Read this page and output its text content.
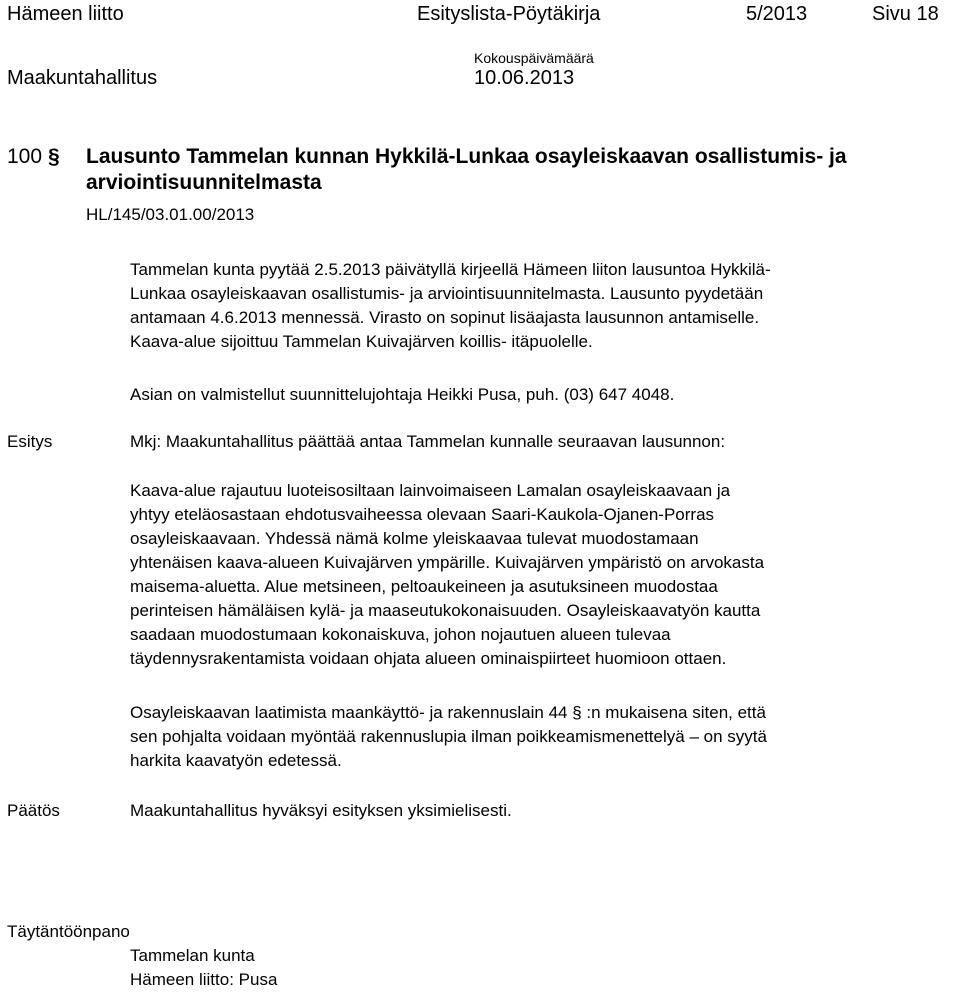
Hämeen liitto	Esityslista-Pöytäkirja	5/2013	Sivu 18
Maakuntahallitus
Kokouspäivämäärä
10.06.2013
100 § Lausunto Tammelan kunnan Hykkilä-Lunkaa osayleiskaavan osallistumis- ja
arviointisuunnitelmasta
HL/145/03.01.00/2013
Tammelan kunta pyytää 2.5.2013 päivätyllä kirjeellä Hämeen liiton lausuntoa Hykkilä-
Lunkaa osayleiskaavan osallistumis- ja arviointisuunnitelmasta. Lausunto pyydetään
antamaan 4.6.2013 mennessä. Virasto on sopinut lisäajasta lausunnon antamiselle.
Kaava-alue sijoittuu Tammelan Kuivajärven koillis- itäpuolelle.
Asian on valmistellut suunnittelujohtaja Heikki Pusa, puh. (03) 647 4048.
Esitys	Mkj: Maakuntahallitus päättää antaa Tammelan kunnalle seuraavan lausunnon:
Kaava-alue rajautuu luoteisosiltaan lainvoimaiseen Lamalan osayleiskaavaan ja
yhtyy eteläosastaan ehdotusvaiheessa olevaan Saari-Kaukola-Ojanen-Porras
osayleiskaavaan. Yhdessä nämä kolme yleiskaavaa tulevat muodostamaan
yhtenäisen kaava-alueen Kuivajärven ympärille. Kuivajärven ympäristö on arvokasta
maisema-aluetta. Alue metsineen, peltoaukeineen ja asutuksineen muodostaa
perinteisen hämäläisen kylä- ja maaseutukokonaisuuden. Osayleiskaavatyön kautta
saadaan muodostumaan kokonaiskuva, johon nojautuen alueen tulevaa
täydennysrakentamista voidaan ohjata alueen ominaispiirteet huomioon ottaen.
Osayleiskaavan laatimista maankäyttö- ja rakennuslain 44 § :n mukaisena siten, että
sen pohjalta voidaan myöntää rakennuslupia ilman poikkeamismenettelyä – on syytä
harkita kaavatyön edetessä.
Päätös	Maakuntahallitus hyväksyi esityksen yksimielisesti.
Täytäntöönpano
Tammelan kunta
Hämeen liitto: Pusa
